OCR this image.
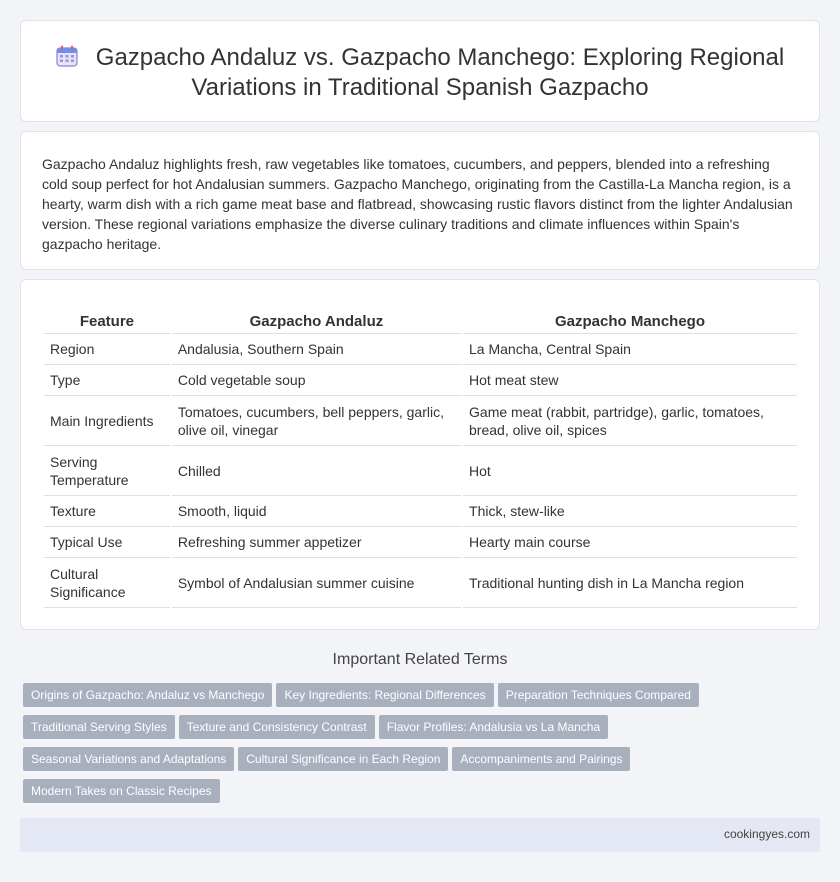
Gazpacho Andaluz vs. Gazpacho Manchego: Exploring Regional Variations in Traditional Spanish Gazpacho

Gazpacho Andaluz highlights fresh, raw vegetables like tomatoes, cucumbers, and peppers, blended into a refreshing cold soup perfect for hot Andalusian summers. Gazpacho Manchego, originating from the Castilla-La Mancha region, is a hearty, warm dish with a rich game meat base and flatbread, showcasing rustic flavors distinct from the lighter Andalusian version. These regional variations emphasize the diverse culinary traditions and climate influences within Spain's gazpacho heritage.

Feature	Gazpacho Andaluz	Gazpacho Manchego
Region	Andalusia, Southern Spain	La Mancha, Central Spain
Type	Cold vegetable soup	Hot meat stew
Main Ingredients	Tomatoes, cucumbers, bell peppers, garlic, olive oil, vinegar	Game meat (rabbit, partridge), garlic, tomatoes, bread, olive oil, spices
Serving Temperature	Chilled	Hot
Texture	Smooth, liquid	Thick, stew-like
Typical Use	Refreshing summer appetizer	Hearty main course
Cultural Significance	Symbol of Andalusian summer cuisine	Traditional hunting dish in La Mancha region
Important Related Terms
Origins of Gazpacho: Andaluz vs Manchego Key Ingredients: Regional Differences Preparation Techniques Compared
Traditional Serving Styles Texture and Consistency Contrast Flavor Profiles: Andalusia vs La Mancha
Seasonal Variations and Adaptations Cultural Significance in Each Region Accompaniments and Pairings
Modern Takes on Classic Recipes
cookingyes.com
